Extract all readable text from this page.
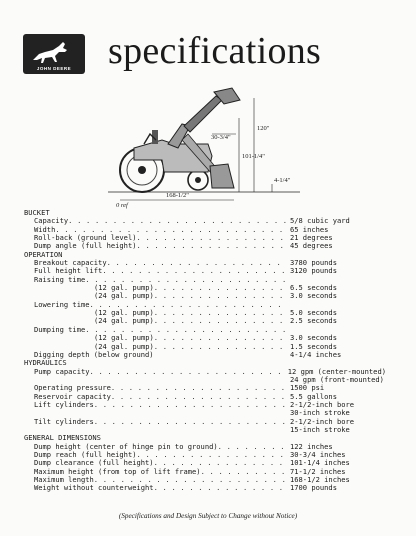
JOHN DEERE specifications
120"
30-3/4"
101-1/4"
4-1/4"
168-1/2"
0 ref
BUCKET
Capacity . . .	5/8 cubic yard
Width . . .	65 inches
Roll-back (ground level) . . .	21 degrees
Dump angle (full height) . . .	45 degrees
OPERATION
Breakout capacity . . .	3780 pounds
Full height lift . . .	3120 pounds
Raising time
. . .
(12 gal. pump) . . .	6.5 seconds
(24 gal. pump) . . .	3.0 seconds
Lowering time
. . .
(12 gal. pump) . . .	5.0 seconds
(24 gal. pump) . . .	2.5 seconds
Dumping time
. . .
(12 gal. pump) . . .	3.0 seconds
(24 gal. pump) . . .	1.5 seconds
Digging depth (below ground)	4-1/4 inches
HYDRAULICS
Pump capacity . . .	12 gpm (center-mounted)
24 gpm (front-mounted)
Operating pressure . . .	1500 psi
Reservoir capacity . . .	5.5 gallons
Lift cylinders . . .	2-1/2-inch bore
30-inch stroke
Tilt cylinders . . .	2-1/2-inch bore
15-inch stroke
GENERAL DIMENSIONS
Dump height (center of hinge pin to ground) . . .	122 inches
Dump reach (full height) . . .	30-3/4 inches
Dump clearance (full height) . . .	101-1/4 inches
Maximum height (from top of lift frame) . . .	71-1/2 inches
Maximum length . . .	168-1/2 inches
Weight without counterweight . . .	1700 pounds
(Specifications and Design Subject to Change without Notice)
